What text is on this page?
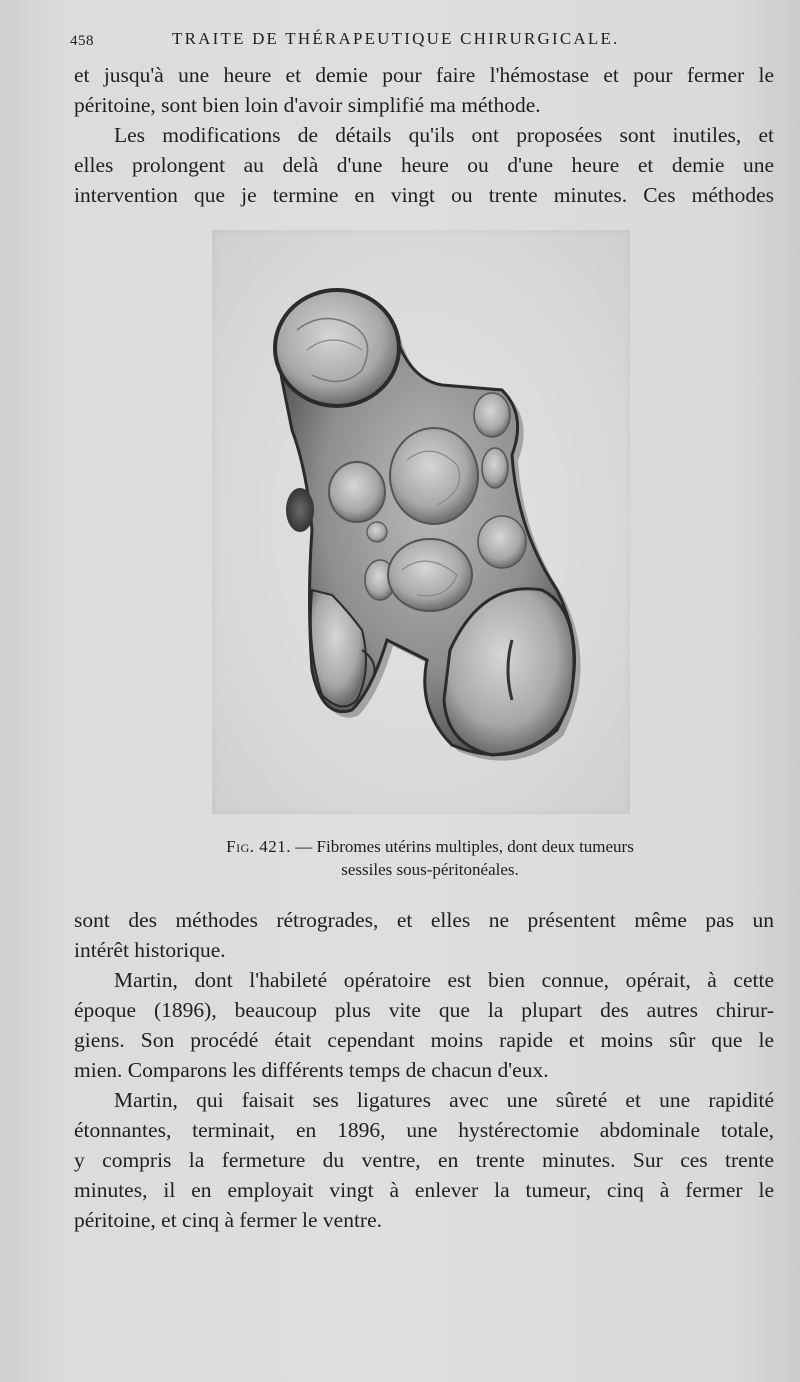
458	TRAITE DE THÉRAPEUTIQUE CHIRURGICALE.
et jusqu'à une heure et demie pour faire l'hémostase et pour fermer le
péritoine, sont bien loin d'avoir simplifié ma méthode.
Les modifications de détails qu'ils ont proposées sont inutiles, et
elles prolongent au delà d'une heure ou d'une heure et demie une
intervention que je termine en vingt ou trente minutes. Ces méthodes
Fig. 421. — Fibromes utérins multiples, dont deux tumeurs
sessiles sous-péritonéales.
sont des méthodes rétrogrades, et elles ne présentent même pas un
intérêt historique.
Martin, dont l'habileté opératoire est bien connue, opérait, à cette
époque (1896), beaucoup plus vite que la plupart des autres chirur-
giens. Son procédé était cependant moins rapide et moins sûr que le
mien. Comparons les différents temps de chacun d'eux.
Martin, qui faisait ses ligatures avec une sûreté et une rapidité
étonnantes, terminait, en 1896, une hystérectomie abdominale totale,
y compris la fermeture du ventre, en trente minutes. Sur ces trente
minutes, il en employait vingt à enlever la tumeur, cinq à fermer le
péritoine, et cinq à fermer le ventre.
